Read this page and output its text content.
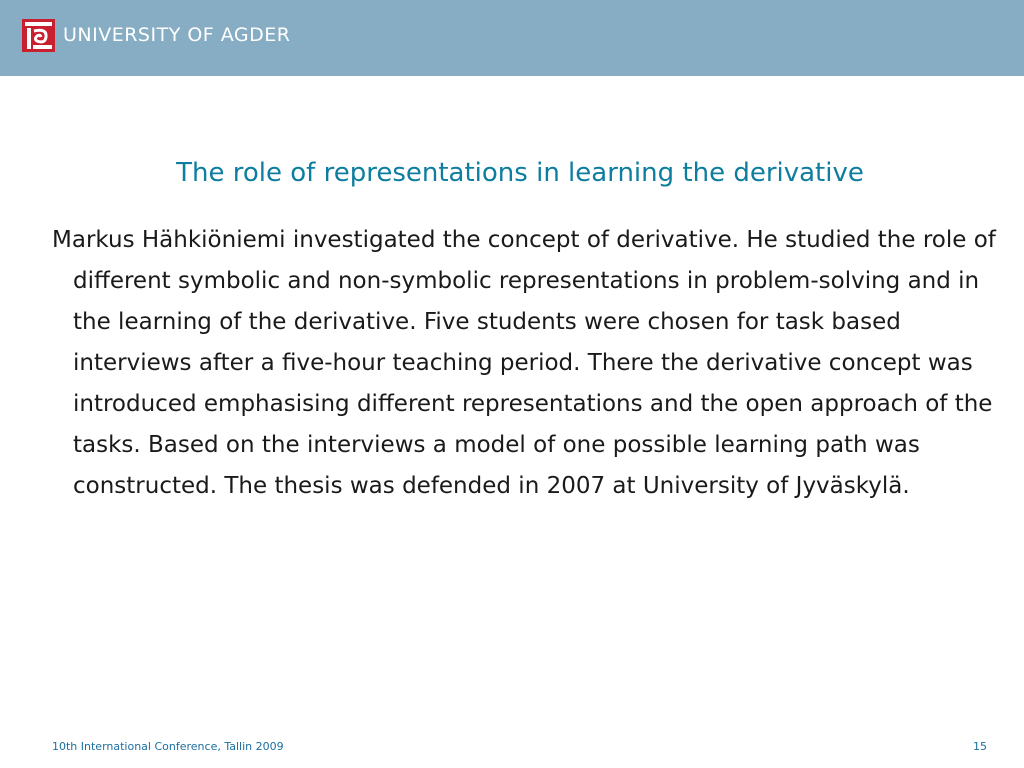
UNIVERSITY OF AGDER
The role of representations in learning the derivative

Markus Hähkiöniemi investigated the concept of derivative. He studied the role of different symbolic and non-symbolic representations in problem-solving and in the learning of the derivative. Five students were chosen for task based interviews after a five-hour teaching period. There the derivative concept was introduced emphasising different representations and the open approach of the tasks. Based on the interviews a model of one possible learning path was constructed. The thesis was defended in 2007 at University of Jyväskylä.

10th International Conference, Tallin 2009	15
